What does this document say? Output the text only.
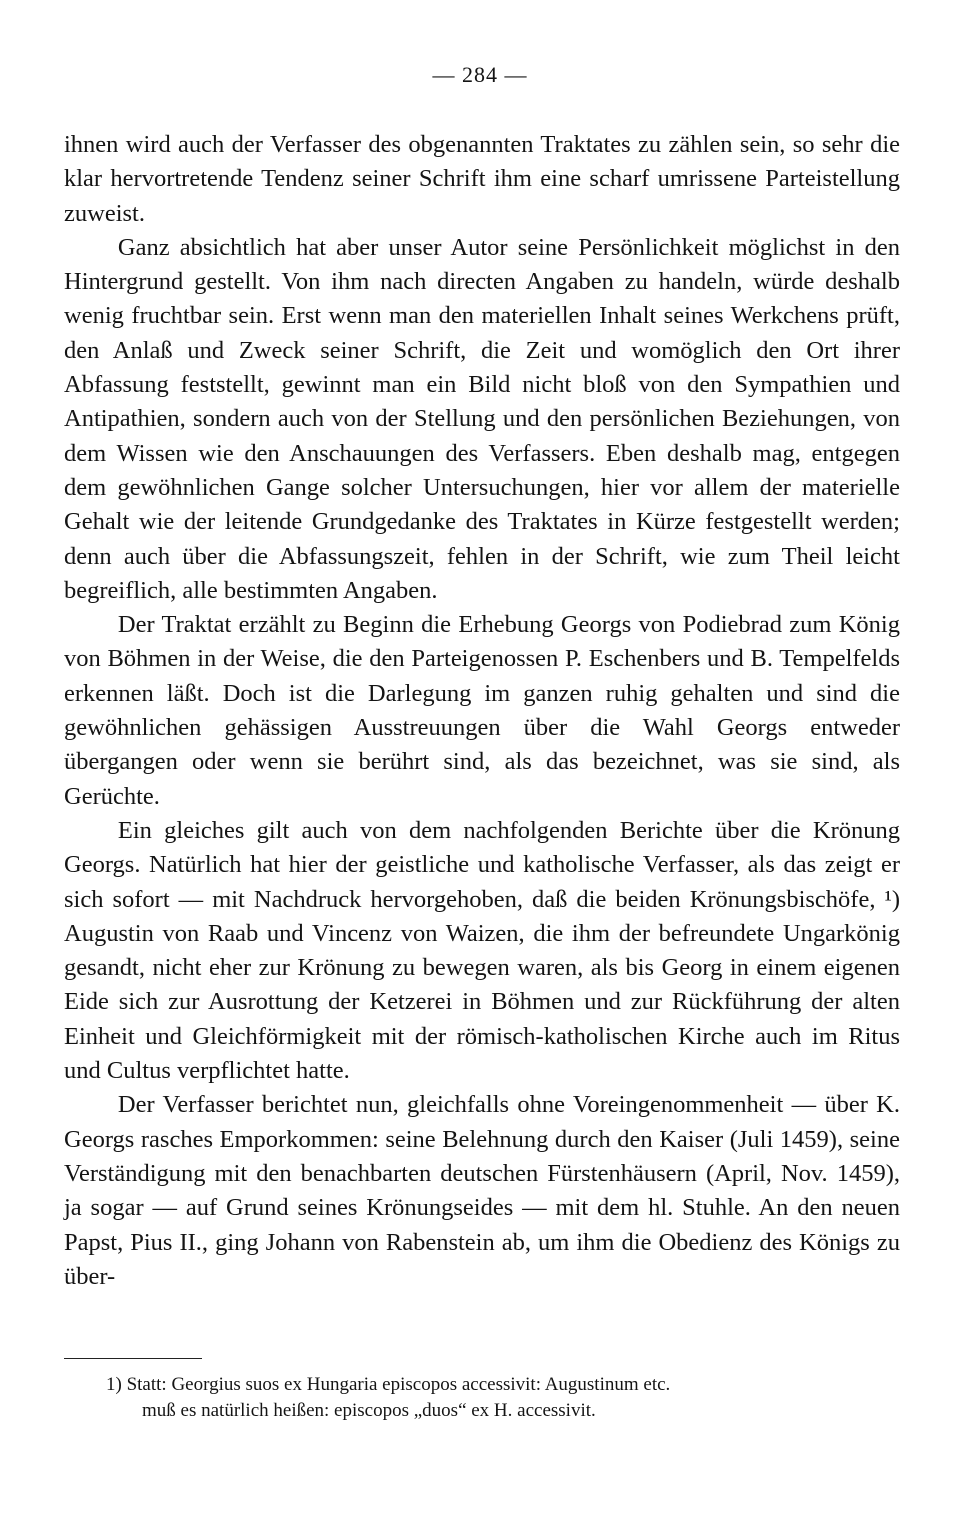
— 284 —

ihnen wird auch der Verfasser des obgenannten Traktates zu zählen sein, so sehr die klar hervortretende Tendenz seiner Schrift ihm eine scharf umrissene Parteistellung zuweist.

Ganz absichtlich hat aber unser Autor seine Persönlichkeit möglichst in den Hintergrund gestellt. Von ihm nach directen Angaben zu handeln, würde deshalb wenig fruchtbar sein. Erst wenn man den materiellen Inhalt seines Werkchens prüft, den Anlaß und Zweck seiner Schrift, die Zeit und womöglich den Ort ihrer Abfassung feststellt, gewinnt man ein Bild nicht bloß von den Sympathien und Antipathien, sondern auch von der Stellung und den persönlichen Beziehungen, von dem Wissen wie den Anschauungen des Verfassers. Eben deshalb mag, entgegen dem gewöhnlichen Gange solcher Untersuchungen, hier vor allem der materielle Gehalt wie der leitende Grundgedanke des Traktates in Kürze festgestellt werden; denn auch über die Abfassungszeit, fehlen in der Schrift, wie zum Theil leicht begreiflich, alle bestimmten Angaben.

Der Traktat erzählt zu Beginn die Erhebung Georgs von Podiebrad zum König von Böhmen in der Weise, die den Parteigenossen P. Eschenbers und B. Tempelfelds erkennen läßt. Doch ist die Darlegung im ganzen ruhig gehalten und sind die gewöhnlichen gehässigen Ausstreuungen über die Wahl Georgs entweder übergangen oder wenn sie berührt sind, als das bezeichnet, was sie sind, als Gerüchte.

Ein gleiches gilt auch von dem nachfolgenden Berichte über die Krönung Georgs. Natürlich hat hier der geistliche und katholische Verfasser, als das zeigt er sich sofort — mit Nachdruck hervorgehoben, daß die beiden Krönungsbischöfe, ¹) Augustin von Raab und Vincenz von Waizen, die ihm der befreundete Ungarkönig gesandt, nicht eher zur Krönung zu bewegen waren, als bis Georg in einem eigenen Eide sich zur Ausrottung der Ketzerei in Böhmen und zur Rückführung der alten Einheit und Gleichförmigkeit mit der römisch-katholischen Kirche auch im Ritus und Cultus verpflichtet hatte.

Der Verfasser berichtet nun, gleichfalls ohne Voreingenommenheit — über K. Georgs rasches Emporkommen: seine Belehnung durch den Kaiser (Juli 1459), seine Verständigung mit den benachbarten deutschen Fürstenhäusern (April, Nov. 1459), ja sogar — auf Grund seines Krönungseides — mit dem hl. Stuhle. An den neuen Papst, Pius II., ging Johann von Rabenstein ab, um ihm die Obedienz des Königs zu über-

1) Statt: Georgius suos ex Hungaria episcopos accessivit: Augustinum etc.

muß es natürlich heißen: episcopos „duos“ ex H. accessivit.
